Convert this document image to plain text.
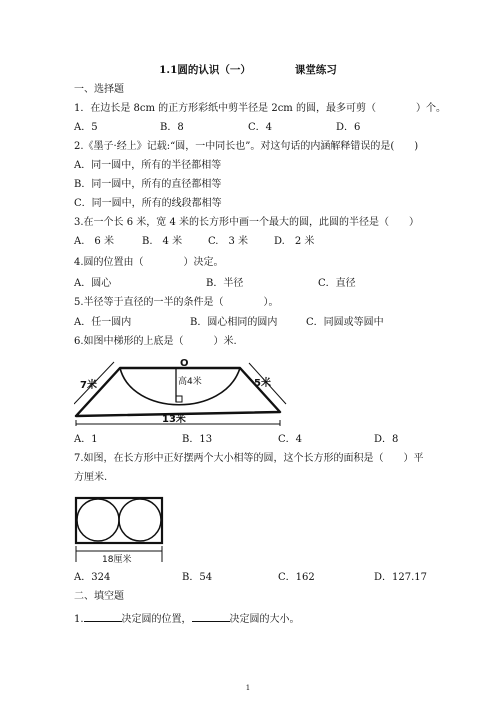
1.1圆的认识（一）	课堂练习
一、选择题
1．在边长是 8cm 的正方形彩纸中剪半径是 2cm 的圆，最多可剪（　　　　）个。
A．5	B．8	C．4	D．6
2.《墨子·经上》记载:“圆，一中同长也”。对这句话的内涵解释错误的是(　　)
A．同一圆中，所有的半径都相等
B．同一圆中，所有的直径都相等
C．同一圆中，所有的线段都相等
3.在一个长 6 米，宽 4 米的长方形中画一个最大的圆，此圆的半径是（　　）
A.　6 米	B.　4 米	C.　3 米	D.　2 米
4.圆的位置由（　　　　）决定。
A．圆心	B．半径	C．直径
5.半径等于直径的一半的条件是（　　　　）。
A．任一圆内	B．圆心相同的圆内	C．同圆或等圆中
6.如图中梯形的上底是（　　　）米.
7米
O
高4米	5米
13米
A．1	B．13	C．4	D．8
7.如图，在长方形中正好摆两个大小相等的圆，这个长方形的面积是（　　）平
方厘米.
18厘米
A．324	B．54	C．162	D．127.17
二、填空题
1.	决定圆的位置，	决定圆的大小。
1
